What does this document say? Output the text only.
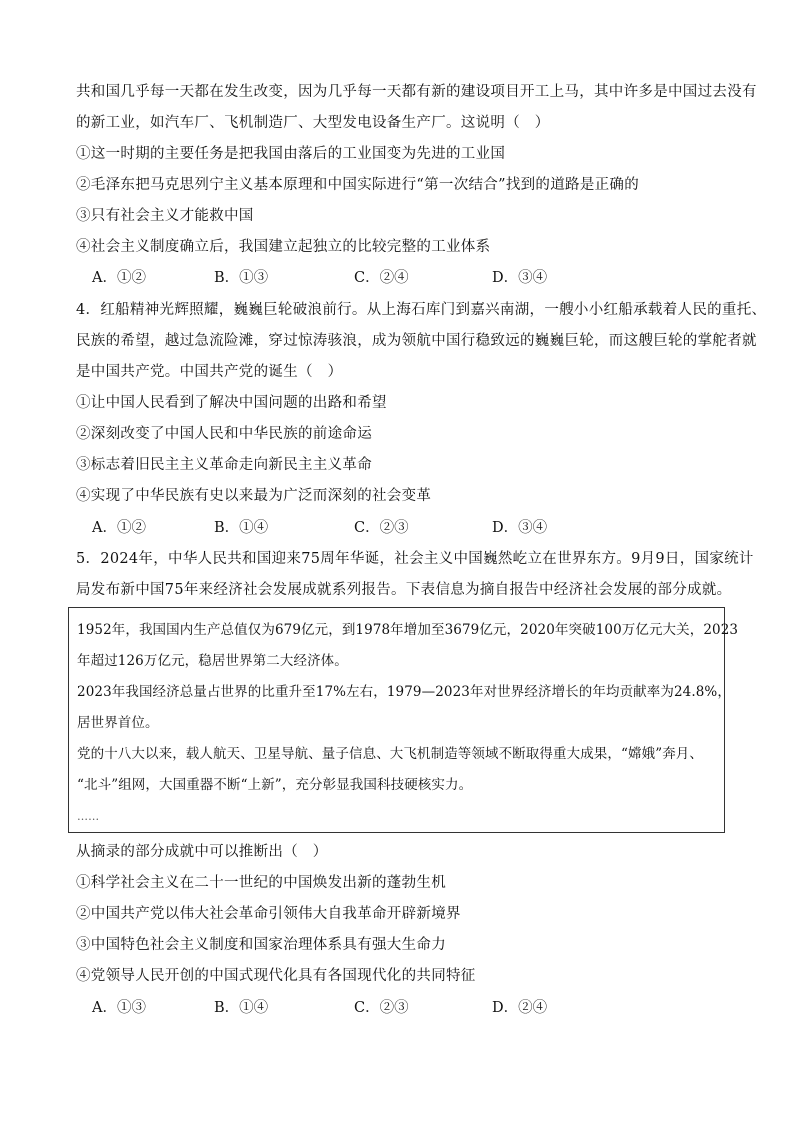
共和国几乎每一天都在发生改变，因为几乎每一天都有新的建设项目开工上马，其中许多是中国过去没有
的新工业，如汽车厂、飞机制造厂、大型发电设备生产厂。这说明（　）
①这一时期的主要任务是把我国由落后的工业国变为先进的工业国
②毛泽东把马克思列宁主义基本原理和中国实际进行“第一次结合”找到的道路是正确的
③只有社会主义才能救中国
④社会主义制度确立后，我国建立起独立的比较完整的工业体系
A．①②	B．①③	C．②④	D．③④
4．红船精神光辉照耀，巍巍巨轮破浪前行。从上海石库门到嘉兴南湖，一艘小小红船承载着人民的重托、
民族的希望，越过急流险滩，穿过惊涛骇浪，成为领航中国行稳致远的巍巍巨轮，而这艘巨轮的掌舵者就
是中国共产党。中国共产党的诞生（　）
①让中国人民看到了解决中国问题的出路和希望
②深刻改变了中国人民和中华民族的前途命运
③标志着旧民主主义革命走向新民主主义革命
④实现了中华民族有史以来最为广泛而深刻的社会变革
A．①②	B．①④	C．②③	D．③④
5．2024年，中华人民共和国迎来75周年华诞，社会主义中国巍然屹立在世界东方。9月9日，国家统计
局发布新中国75年来经济社会发展成就系列报告。下表信息为摘自报告中经济社会发展的部分成就。
1952年，我国国内生产总值仅为679亿元，到1978年增加至3679亿元，2020年突破100万亿元大关，2023
年超过126万亿元，稳居世界第二大经济体。
2023年我国经济总量占世界的比重升至17%左右，1979—2023年对世界经济增长的年均贡献率为24.8%，
居世界首位。
党的十八大以来，载人航天、卫星导航、量子信息、大飞机制造等领域不断取得重大成果，“嫦娥”奔月、
“北斗”组网，大国重器不断“上新”，充分彰显我国科技硬核实力。
……
从摘录的部分成就中可以推断出（　）
①科学社会主义在二十一世纪的中国焕发出新的蓬勃生机
②中国共产党以伟大社会革命引领伟大自我革命开辟新境界
③中国特色社会主义制度和国家治理体系具有强大生命力
④党领导人民开创的中国式现代化具有各国现代化的共同特征
A．①③	B．①④	C．②③	D．②④
